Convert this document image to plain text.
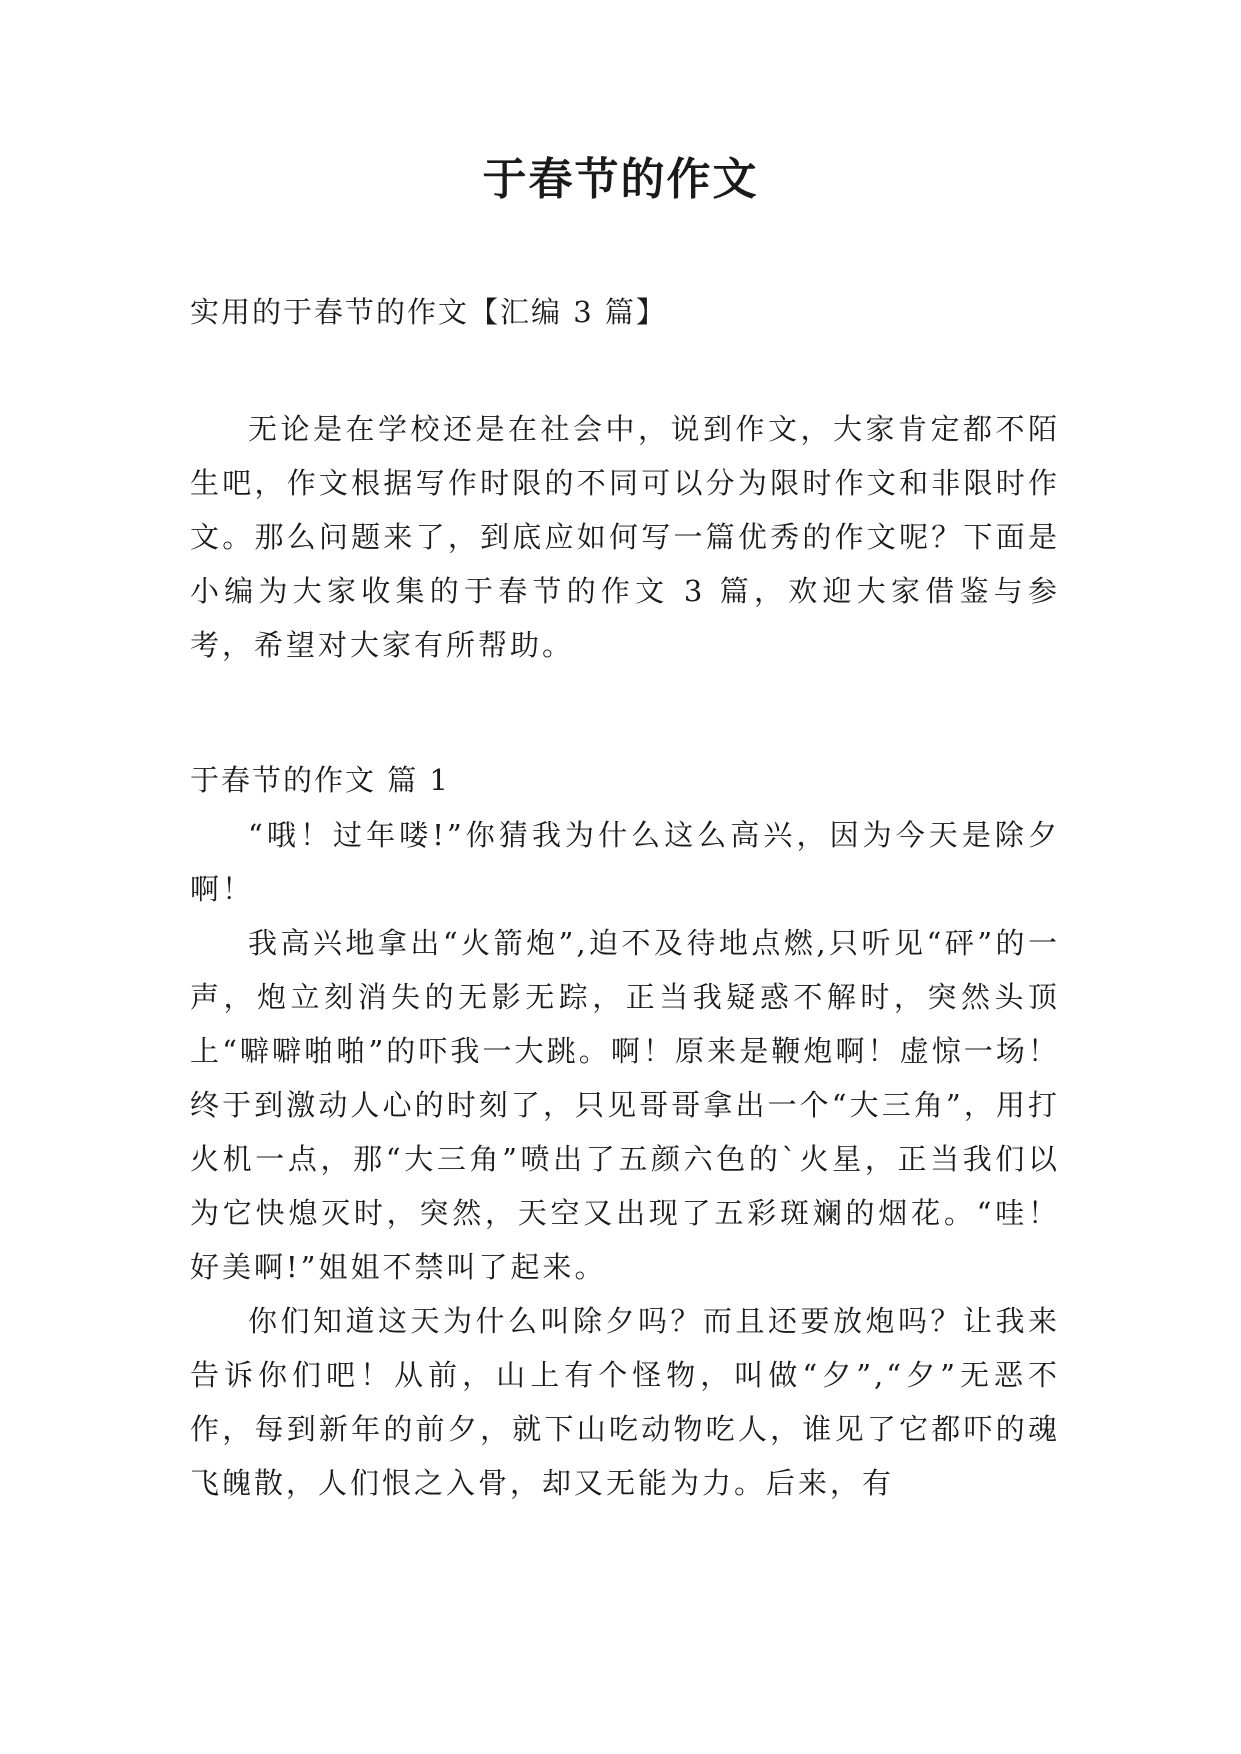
于春节的作文
实用的于春节的作文【汇编 3 篇】

无论是在学校还是在社会中，说到作文，大家肯定都不陌生吧，作文根据写作时限的不同可以分为限时作文和非限时作文。那么问题来了，到底应如何写一篇优秀的作文呢？下面是小编为大家收集的于春节的作文 3 篇，欢迎大家借鉴与参考，希望对大家有所帮助。

于春节的作文 篇 1

“哦！过年喽!”你猜我为什么这么高兴，因为今天是除夕啊！

我高兴地拿出“火箭炮”,迫不及待地点燃,只听见“砰”的一声，炮立刻消失的无影无踪，正当我疑惑不解时，突然头顶上“噼噼啪啪”的吓我一大跳。啊！原来是鞭炮啊！虚惊一场！终于到激动人心的时刻了，只见哥哥拿出一个“大三角”，用打火机一点，那“大三角”喷出了五颜六色的`火星，正当我们以为它快熄灭时，突然，天空又出现了五彩斑斓的烟花。“哇！好美啊!”姐姐不禁叫了起来。

你们知道这天为什么叫除夕吗？而且还要放炮吗？让我来告诉你们吧！从前，山上有个怪物，叫做“夕”,“夕”无恶不作，每到新年的前夕，就下山吃动物吃人，谁见了它都吓的魂飞魄散，人们恨之入骨，却又无能为力。后来，有
